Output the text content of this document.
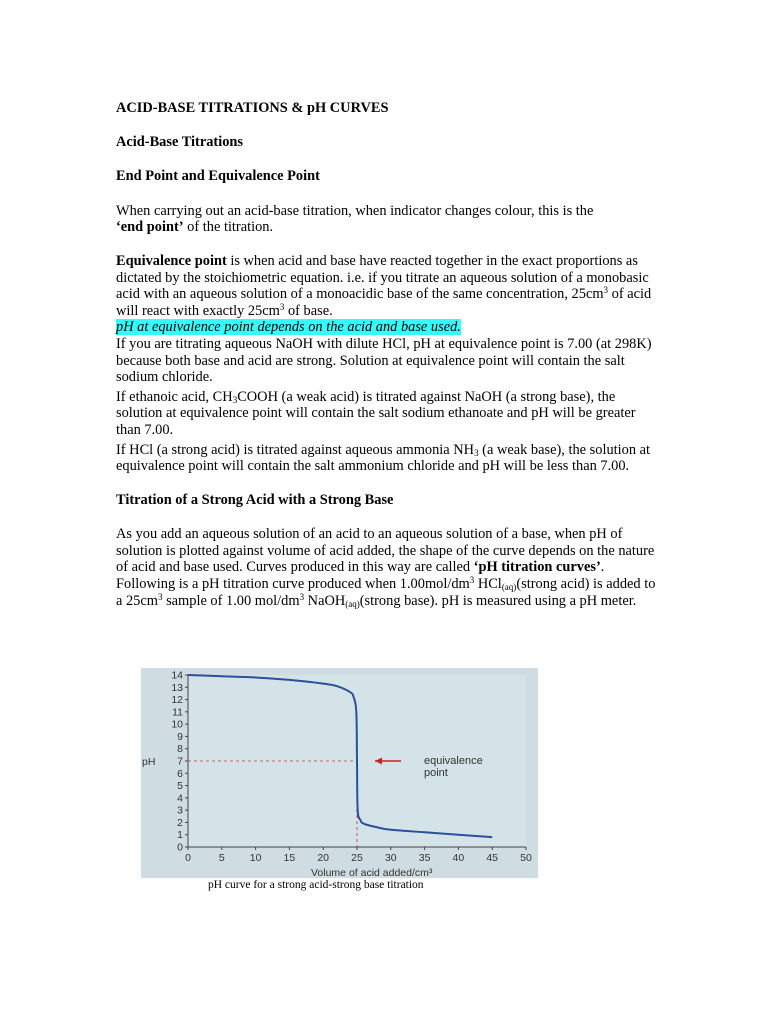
ACID-BASE TITRATIONS & pH CURVES
Acid-Base Titrations
End Point and Equivalence Point

When carrying out an acid-base titration, when indicator changes colour, this is the
‘end point’ of the titration.

Equivalence point is when acid and base have reacted together in the exact proportions as dictated by the stoichiometric equation. i.e. if you titrate an aqueous solution of a monobasic acid with an aqueous solution of a monoacidic base of the same concentration, $25cm^3$ of acid will react with exactly $25cm^3$ of base.

pH at equivalence point depends on the acid and base used.

If you are titrating aqueous NaOH with dilute HCl, pH at equivalence point is 7.00 (at 298K) because both base and acid are strong. Solution at equivalence point will contain the salt sodium chloride.

If ethanoic acid, $CH_3COOH$ (a weak acid) is titrated against NaOH (a strong base), the solution at equivalence point will contain the salt sodium ethanoate and pH will be greater than 7.00.

If HCl (a strong acid) is titrated against aqueous ammonia $NH_3$ (a weak base), the solution at equivalence point will contain the salt ammonium chloride and pH will be less than 7.00.

Titration of a Strong Acid with a Strong Base

As you add an aqueous solution of an acid to an aqueous solution of a base, when pH of solution is plotted against volume of acid added, the shape of the curve depends on the nature of acid and base used. Curves produced in this way are called ‘pH titration curves’.

Following is a pH titration curve produced when $1.00mol/dm^3$ HCl$_{(aq)}$(strong acid) is added to a $25cm^3$ sample of 1.00 mol/$dm^3$ NaOH$_{(aq)}$(strong base). pH is measured using a pH meter.

Volume of acid added/cm³
pH
0
1
2
3
4
5
6
7
8
9
10
11
12
13
14
0	5 10 15 20 25 30 35 40 45 50
equivalence
point
pH curve for a strong acid-strong base titration
